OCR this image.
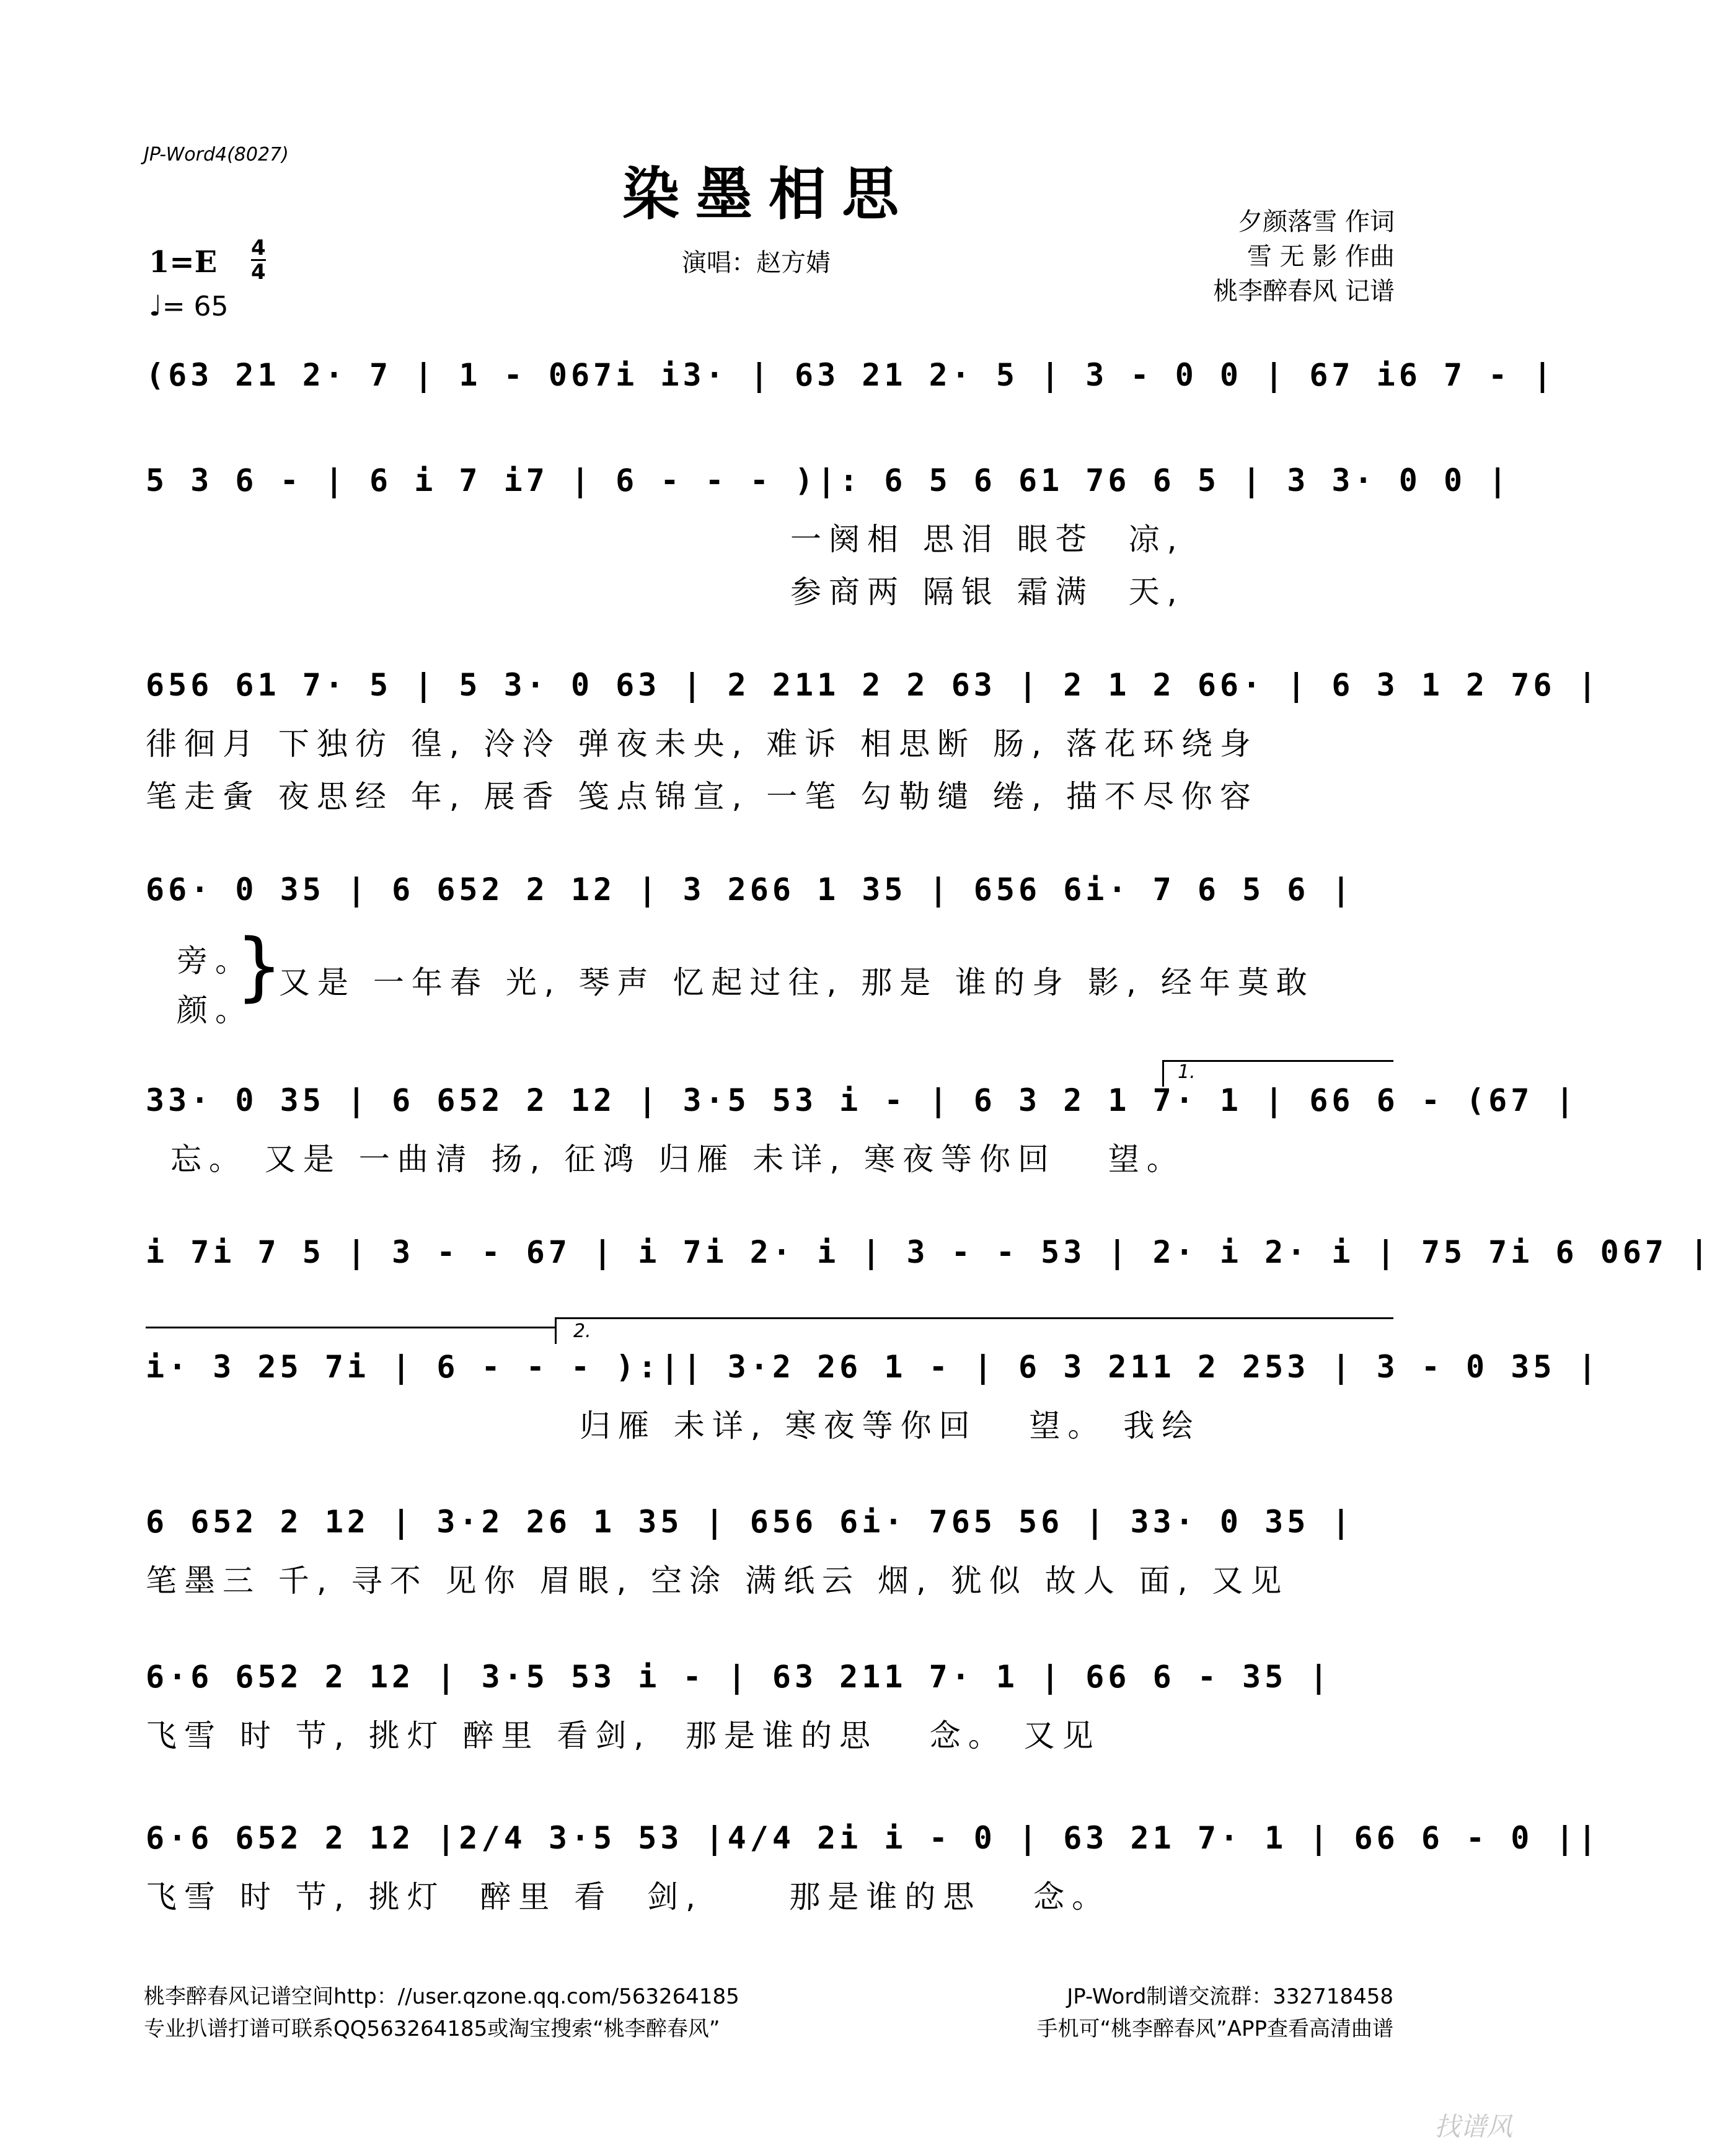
JP-Word4(8027)
染墨相思
演唱：赵方婧
夕颜落雪 作词
雪 无 影 作曲
桃李醉春风 记谱
$1=E \frac{4}{4}$
♩= 65
(63 21 2· 7 | 1 - 067i i3· | 63 21 2· 5 | 3 - 0 0 | 67 i6 7 - |
5 3 6 - | 6 i 7 i7 | 6 - - - )|: 6 5 6 61 76 6 5 | 3 3· 0 0 |
一阕相 思泪 眼苍  凉,
参商两 隔银 霜满  天,
656 61 7· 5 | 5 3· 0 63 | 2 211 2 2 63 | 2 1 2 66· | 6 3 1 2 76 |
徘徊月 下独彷 徨, 泠泠 弹夜未央, 难诉 相思断 肠, 落花环绕身
笔走夤 夜思经 年, 展香 笺点锦宣, 一笔 勾勒缱 绻, 描不尽你容
66· 0 35 | 6 652 2 12 | 3 266 1 35 | 656 6i· 7 6 5 6 |
旁。
颜。
}
又是 一年春 光, 琴声 忆起过往, 那是 谁的身 影, 经年莫敢
1.
33· 0 35 | 6 652 2 12 | 3·5 53 i - | 6 3 2 1 7· 1 | 66 6 - (67 |
忘。 又是 一曲清 扬, 征鸿 归雁 未详, 寒夜等你回   望。
i 7i 7 5 | 3 - - 67 | i 7i 2· i | 3 - - 53 | 2· i 2· i | 75 7i 6 067 |
2.
i· 3 25 7i | 6 - - - ):|| 3·2 26 1 - | 6 3 211 2 253 | 3 - 0 35 |
归雁 未详, 寒夜等你回   望。 我绘
6 652 2 12 | 3·2 26 1 35 | 656 6i· 765 56 | 33· 0 35 |
笔墨三 千, 寻不 见你 眉眼, 空涂 满纸云 烟, 犹似 故人 面, 又见
6·6 652 2 12 | 3·5 53 i - | 63 211 7· 1 | 66 6 - 35 |
飞雪 时 节, 挑灯 醉里 看剑,  那是谁的思   念。 又见
6·6 652 2 12 |2/4 3·5 53 |4/4 2i i - 0 | 63 21 7· 1 | 66 6 - 0 ||
飞雪 时 节, 挑灯  醉里 看  剑,     那是谁的思   念。
桃李醉春风记谱空间http：//user.qzone.qq.com/563264185
专业扒谱打谱可联系QQ563264185或淘宝搜索“桃李醉春风”
JP-Word制谱交流群：332718458
手机可“桃李醉春风”APP查看高清曲谱
找谱风
